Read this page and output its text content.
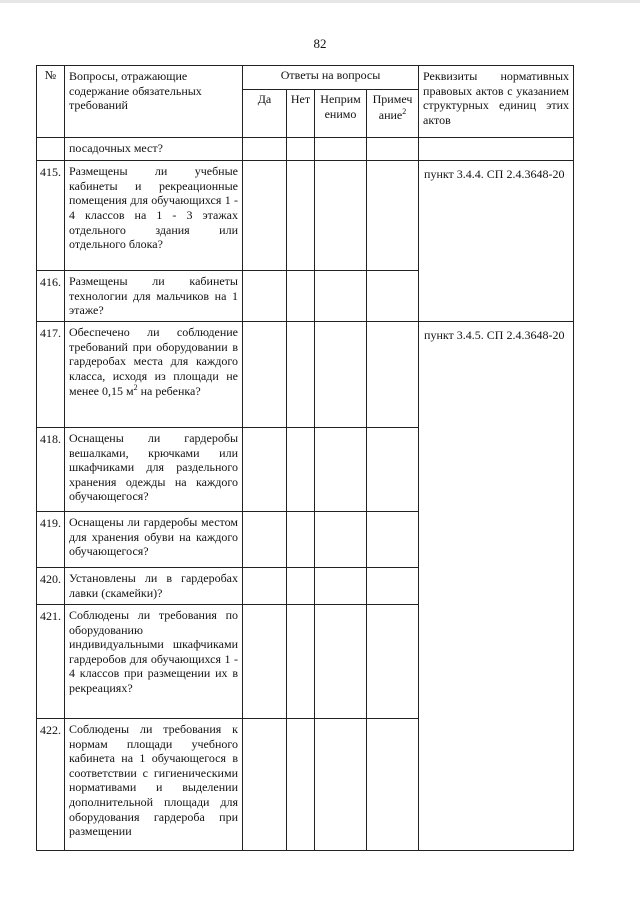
82
№	Вопросы, отражающие содержание обязательных требований	Ответы на вопросы				Реквизиты нормативных правовых актов с указанием структурных единиц этих актов
		Да	Нет	Неприм енимо	Примеч ание$^2$
	посадочных мест?					
415.	Размещены ли учебные кабинеты и рекреационные помещения для обучающихся 1 - 4 классов на 1 - 3 этажах отдельного здания или отдельного блока?					пункт 3.4.4. СП 2.4.3648-20
416.	Размещены ли кабинеты технологии для мальчиков на 1 этаже?					
417.	Обеспечено ли соблюдение требований при оборудовании в гардеробах места для каждого класса, исходя из площади не менее 0,15 $м^2$ на ребенка?					пункт 3.4.5. СП 2.4.3648-20
418.	Оснащены ли гардеробы вешалками, крючками или шкафчиками для раздельного хранения одежды на каждого обучающегося?					
419.	Оснащены ли гардеробы местом для хранения обуви на каждого обучающегося?					
420.	Установлены ли в гардеробах лавки (скамейки)?					
421.	Соблюдены ли требования по оборудованию индивидуальными шкафчиками гардеробов для обучающихся 1 - 4 классов при размещении их в рекреациях?					
422.	Соблюдены ли требования к нормам площади учебного кабинета на 1 обучающегося в соответствии с гигиеническими нормативами и выделении дополнительной площади для оборудования гардероба при размещении					
